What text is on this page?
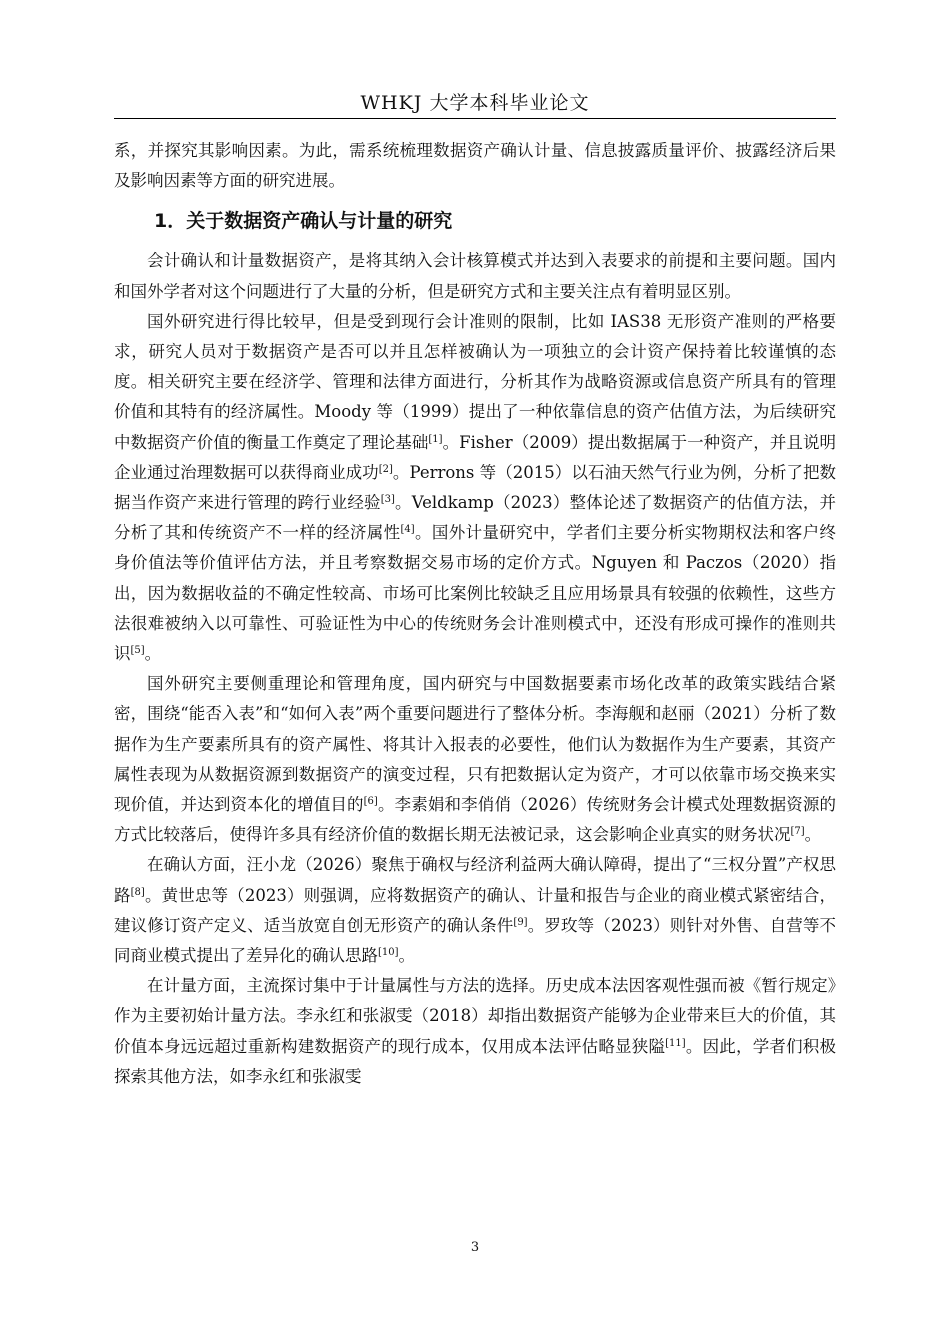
WHKJ 大学本科毕业论文

系，并探究其影响因素。为此，需系统梳理数据资产确认计量、信息披露质量评价、披露经济后果及影响因素等方面的研究进展。

1．关于数据资产确认与计量的研究

会计确认和计量数据资产，是将其纳入会计核算模式并达到入表要求的前提和主要问题。国内和国外学者对这个问题进行了大量的分析，但是研究方式和主要关注点有着明显区别。

国外研究进行得比较早，但是受到现行会计准则的限制，比如 IAS38 无形资产准则的严格要求，研究人员对于数据资产是否可以并且怎样被确认为一项独立的会计资产保持着比较谨慎的态度。相关研究主要在经济学、管理和法律方面进行，分析其作为战略资源或信息资产所具有的管理价值和其特有的经济属性。Moody 等（1999）提出了一种依靠信息的资产估值方法，为后续研究中数据资产价值的衡量工作奠定了理论基础[1]。Fisher（2009）提出数据属于一种资产，并且说明企业通过治理数据可以获得商业成功[2]。Perrons 等（2015）以石油天然气行业为例，分析了把数据当作资产来进行管理的跨行业经验[3]。Veldkamp（2023）整体论述了数据资产的估值方法，并分析了其和传统资产不一样的经济属性[4]。国外计量研究中，学者们主要分析实物期权法和客户终身价值法等价值评估方法，并且考察数据交易市场的定价方式。Nguyen 和 Paczos（2020）指出，因为数据收益的不确定性较高、市场可比案例比较缺乏且应用场景具有较强的依赖性，这些方法很难被纳入以可靠性、可验证性为中心的传统财务会计准则模式中，还没有形成可操作的准则共识[5]。

国外研究主要侧重理论和管理角度，国内研究与中国数据要素市场化改革的政策实践结合紧密，围绕“能否入表”和“如何入表”两个重要问题进行了整体分析。李海舰和赵丽（2021）分析了数据作为生产要素所具有的资产属性、将其计入报表的必要性，他们认为数据作为生产要素，其资产属性表现为从数据资源到数据资产的演变过程，只有把数据认定为资产，才可以依靠市场交换来实现价值，并达到资本化的增值目的[6]。李素娟和李俏俏（2026）传统财务会计模式处理数据资源的方式比较落后，使得许多具有经济价值的数据长期无法被记录，这会影响企业真实的财务状况[7]。

在确认方面，汪小龙（2026）聚焦于确权与经济利益两大确认障碍，提出了“三权分置”产权思路[8]。黄世忠等（2023）则强调，应将数据资产的确认、计量和报告与企业的商业模式紧密结合，建议修订资产定义、适当放宽自创无形资产的确认条件[9]。罗玫等（2023）则针对外售、自营等不同商业模式提出了差异化的确认思路[10]。

在计量方面，主流探讨集中于计量属性与方法的选择。历史成本法因客观性强而被《暂行规定》作为主要初始计量方法。李永红和张淑雯（2018）却指出数据资产能够为企业带来巨大的价值，其价值本身远远超过重新构建数据资产的现行成本，仅用成本法评估略显狭隘[11]。因此，学者们积极探索其他方法，如李永红和张淑雯

3
